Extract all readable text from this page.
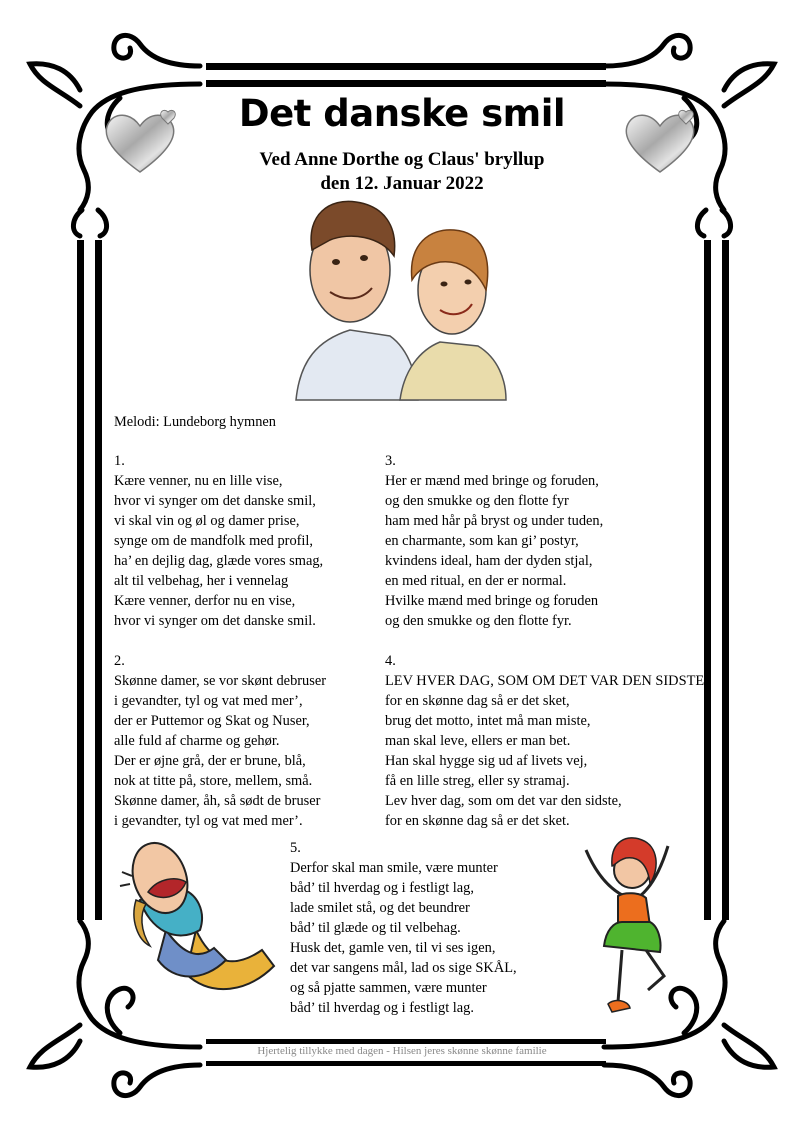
Det danske smil
Ved Anne Dorthe og Claus' bryllup
den 12. Januar 2022
Melodi: Lundeborg hymnen
1.
Kære venner, nu en lille vise,
hvor vi synger om det danske smil,
vi skal vin og øl og damer prise,
synge om de mandfolk med profil,
ha’ en dejlig dag, glæde vores smag,
alt til velbehag, her i vennelag
Kære venner, derfor nu en vise,
hvor vi synger om det danske smil.
2.
Skønne damer, se vor skønt debruser
i gevandter, tyl og vat med mer’,
der er Puttemor og Skat og Nuser,
alle fuld af charme og gehør.
Der er øjne grå, der er brune, blå,
nok at titte på, store, mellem, små.
Skønne damer, åh, så sødt de bruser
i gevandter, tyl og vat med mer’.
3.
Her er mænd med bringe og foruden,
og den smukke og den flotte fyr
ham med hår på bryst og under tuden,
en charmante, som kan gi’ postyr,
kvindens ideal, ham der dyden stjal,
en med ritual, en der er normal.
Hvilke mænd med bringe og foruden
og den smukke og den flotte fyr.
4.
LEV HVER DAG, SOM OM DET VAR DEN SIDSTE,
for en skønne dag så er det sket,
brug det motto, intet må man miste,
man skal leve, ellers er man bet.
Han skal hygge sig ud af livets vej,
få en lille streg, eller sy stramaj.
Lev hver dag, som om det var den sidste,
for en skønne dag så er det sket.
5.
Derfor skal man smile, være munter
båd’ til hverdag og i festligt lag,
lade smilet stå, og det beundrer
båd’ til glæde og til velbehag.
Husk det, gamle ven, til vi ses igen,
det var sangens mål, lad os sige SKÅL,
og så pjatte sammen, være munter
båd’ til hverdag og i festligt lag.
Hjertelig tillykke med dagen - Hilsen jeres skønne skønne familie
